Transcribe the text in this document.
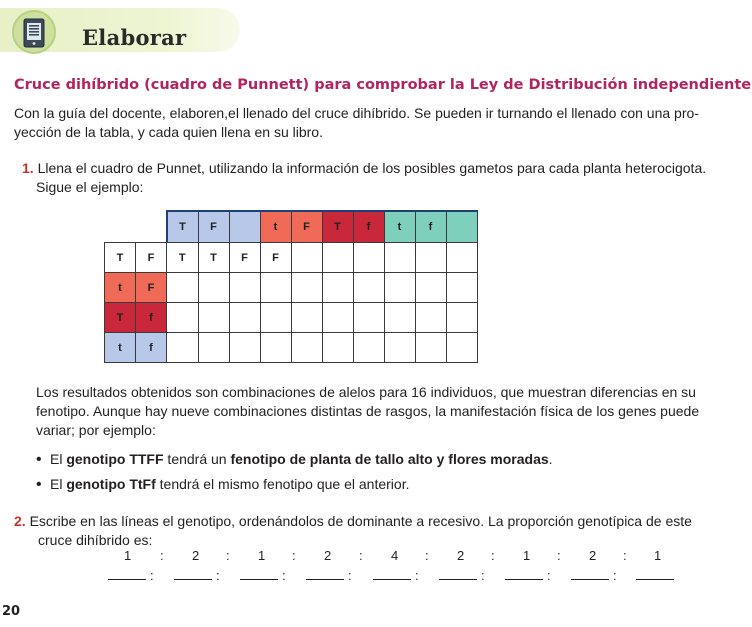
Elaborar
Cruce dihíbrido (cuadro de Punnett) para comprobar la Ley de Distribución independiente
Con la guía del docente, elaboren,el llenado del cruce dihíbrido. Se pueden ir turnando el llenado con una pro-
yección de la tabla, y cada quien llena en su libro.
1. Llena el cuadro de Punnet, utilizando la información de los posibles gametos para cada planta heterocigota.
Sigue el ejemplo:
		T	F		t	F	T	f	t	f	
T	F	T	T	F	F						
t	F										
T	f										
t	f										
Los resultados obtenidos son combinaciones de alelos para 16 individuos, que muestran diferencias en su
fenotipo. Aunque hay nueve combinaciones distintas de rasgos, la manifestación física de los genes puede
variar; por ejemplo:
• El genotipo TTFF tendrá un fenotipo de planta de tallo alto y flores moradas.
• El genotipo TtFf tendrá el mismo fenotipo que el anterior.
2. Escribe en las líneas el genotipo, ordenándolos de dominante a recesivo. La proporción genotípica de este
cruce dihíbrido es:
1 : 2 : 1 : 2 : 4 : 2 : 1 : 2 : 1
:	:	:	:	:	:	:	:
20
